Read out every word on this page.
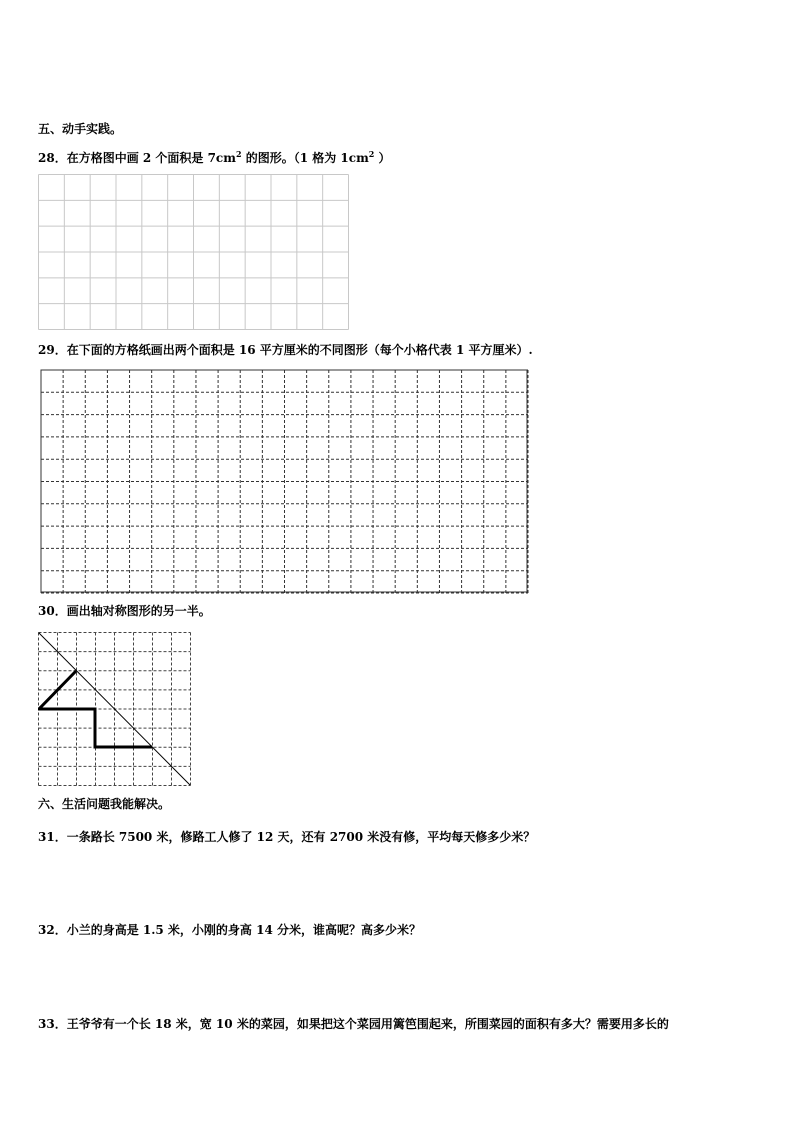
五、动手实践。
28．在方格图中画 2 个面积是 $7cm^2$ 的图形。（1 格为 $1cm^2$ ）
29．在下面的方格纸画出两个面积是 16 平方厘米的不同图形（每个小格代表 1 平方厘米）.
30．画出轴对称图形的另一半。
六、生活问题我能解决。
31．一条路长 7500 米，修路工人修了 12 天，还有 2700 米没有修，平均每天修多少米？
32．小兰的身高是 1.5 米，小刚的身高 14 分米，谁高呢？高多少米？
33．王爷爷有一个长 18 米，宽 10 米的菜园，如果把这个菜园用篱笆围起来，所围菜园的面积有多大？需要用多长的
